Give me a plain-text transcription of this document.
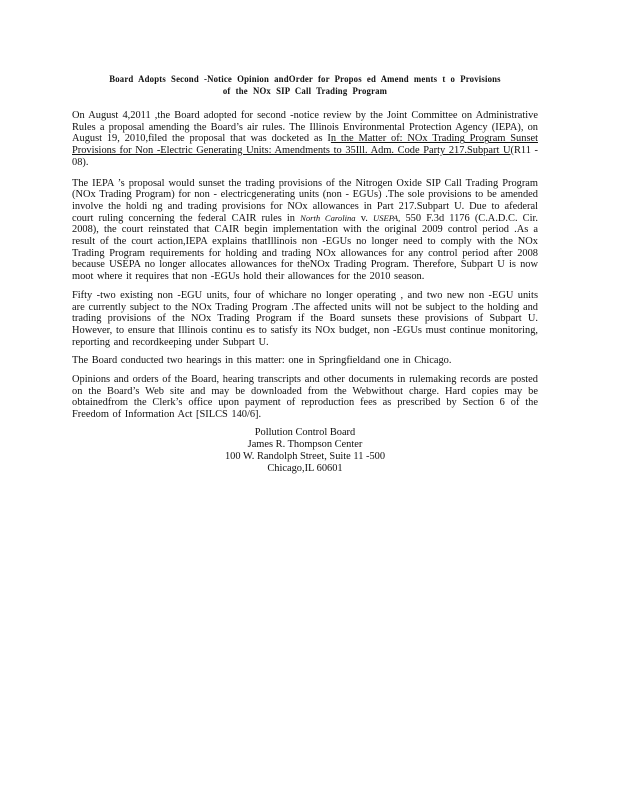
Board Adopts Second -Notice Opinion andOrder for Propos ed Amend ments t o Provisions
of the NOx SIP Call Trading Program

On August 4,2011 ,the Board adopted for second -notice review by the Joint Committee on Administrative Rules a proposal amending the Board’s air rules. The Illinois Environmental Protection Agency (IEPA), on August 19, 2010,filed the proposal that was docketed as In the Matter of: NOx Trading Program Sunset Provisions for Non -Electric Generating Units: Amendments to 35Ill. Adm. Code Party 217.Subpart U(R11 - 08).

The IEPA ’s proposal would sunset the trading provisions of the Nitrogen Oxide SIP Call Trading Program (NOx Trading Program) for non - electricgenerating units (non - EGUs) .The sole provisions to be amended involve the holdi ng and trading provisions for NOx allowances in Part 217.Subpart U. Due to afederal court ruling concerning the federal CAIR rules in North Carolina v. USEPA, 550 F.3d 1176 (C.A.D.C. Cir. 2008), the court reinstated that CAIR begin implementation with the original 2009 control period .As a result of the court action,IEPA explains thatIllinois non -EGUs no longer need to comply with the NOx Trading Program requirements for holding and trading NOx allowances for any control period after 2008 because USEPA no longer allocates allowances for theNOx Trading Program. Therefore, Subpart U is now moot where it requires that non -EGUs hold their allowances for the 2010 season.

Fifty -two existing non -EGU units, four of whichare no longer operating , and two new non -EGU units are currently subject to the NOx Trading Program .The affected units will not be subject to the holding and trading provisions of the NOx Trading Program if the Board sunsets these provisions of Subpart U. However, to ensure that Illinois continu es to satisfy its NOx budget, non -EGUs must continue monitoring, reporting and recordkeeping under Subpart U.

The Board conducted two hearings in this matter: one in Springfieldand one in Chicago.

Opinions and orders of the Board, hearing transcripts and other documents in rulemaking records are posted on the Board’s Web site and may be downloaded from the Webwithout charge. Hard copies may be obtainedfrom the Clerk’s office upon payment of reproduction fees as prescribed by Section 6 of the Freedom of Information Act [SILCS 140/6].

Pollution Control Board
James R. Thompson Center
100 W. Randolph Street, Suite 11 -500
Chicago,IL 60601
